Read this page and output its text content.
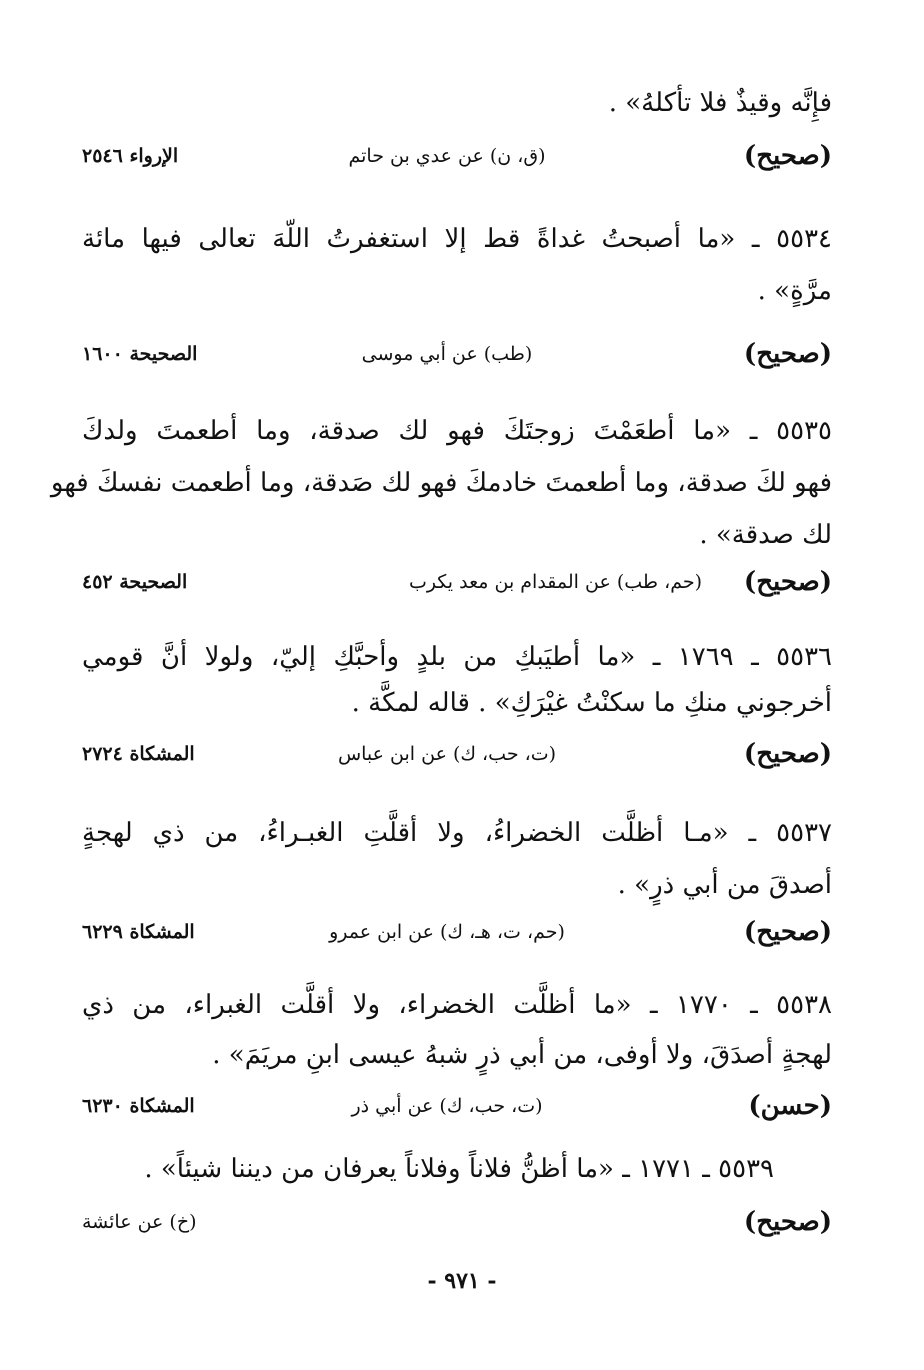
فإِنَّه وقيذٌ فلا تأكلهُ» .
(صحيح)
(ق، ن) عن عدي بن حاتم
الإرواء ٢٥٤٦
٥٥٣٤ ـ «ما أصبحتُ غداةً قط إلا استغفرتُ اللّهَ تعالى فيها مائة
مرَّةٍ» .
(صحيح)
(طب) عن أبي موسى
الصحيحة ١٦٠٠
٥٥٣٥ ـ «ما أطعَمْتَ زوجتَكَ فهو لك صدقة، وما أطعمتَ ولدكَ
فهو لكَ صدقة، وما أطعمتَ خادمكَ فهو لك صَدقة، وما أطعمت نفسكَ فهو
لك صدقة» .
(صحيح)
(حم، طب) عن المقدام بن معد يكرب
الصحيحة ٤٥٢
٥٥٣٦ ـ ١٧٦٩ ـ «ما أطيَبكِ من بلدٍ وأحبَّكِ إليّ، ولولا أنَّ قومي
أخرجوني منكِ ما سكنْتُ غيْرَكِ» . قاله لمكَّة .
(صحيح)
(ت، حب، ك) عن ابن عباس
المشكاة ٢٧٢٤
٥٥٣٧ ـ «مـا أظلَّت الخضراءُ، ولا أقلَّتِ الغبـراءُ، من ذي لهجةٍ
أصدقَ من أبي ذرٍ» .
(صحيح)
(حم، ت، هـ، ك) عن ابن عمرو
المشكاة ٦٢٢٩
٥٥٣٨ ـ ١٧٧٠ ـ «ما أظلَّت الخضراء، ولا أقلَّت الغبراء، من ذي
لهجةٍ أصدَقَ، ولا أوفى، من أبي ذرٍ شبهُ عيسى ابنِ مريَمَ» .
(حسن)
(ت، حب، ك) عن أبي ذر
المشكاة ٦٢٣٠
٥٥٣٩ ـ ١٧٧١ ـ «ما أظنُّ فلاناً وفلاناً يعرفان من ديننا شيئاً» .
(صحيح)
(خ) عن عائشة
- ٩٧١ -
